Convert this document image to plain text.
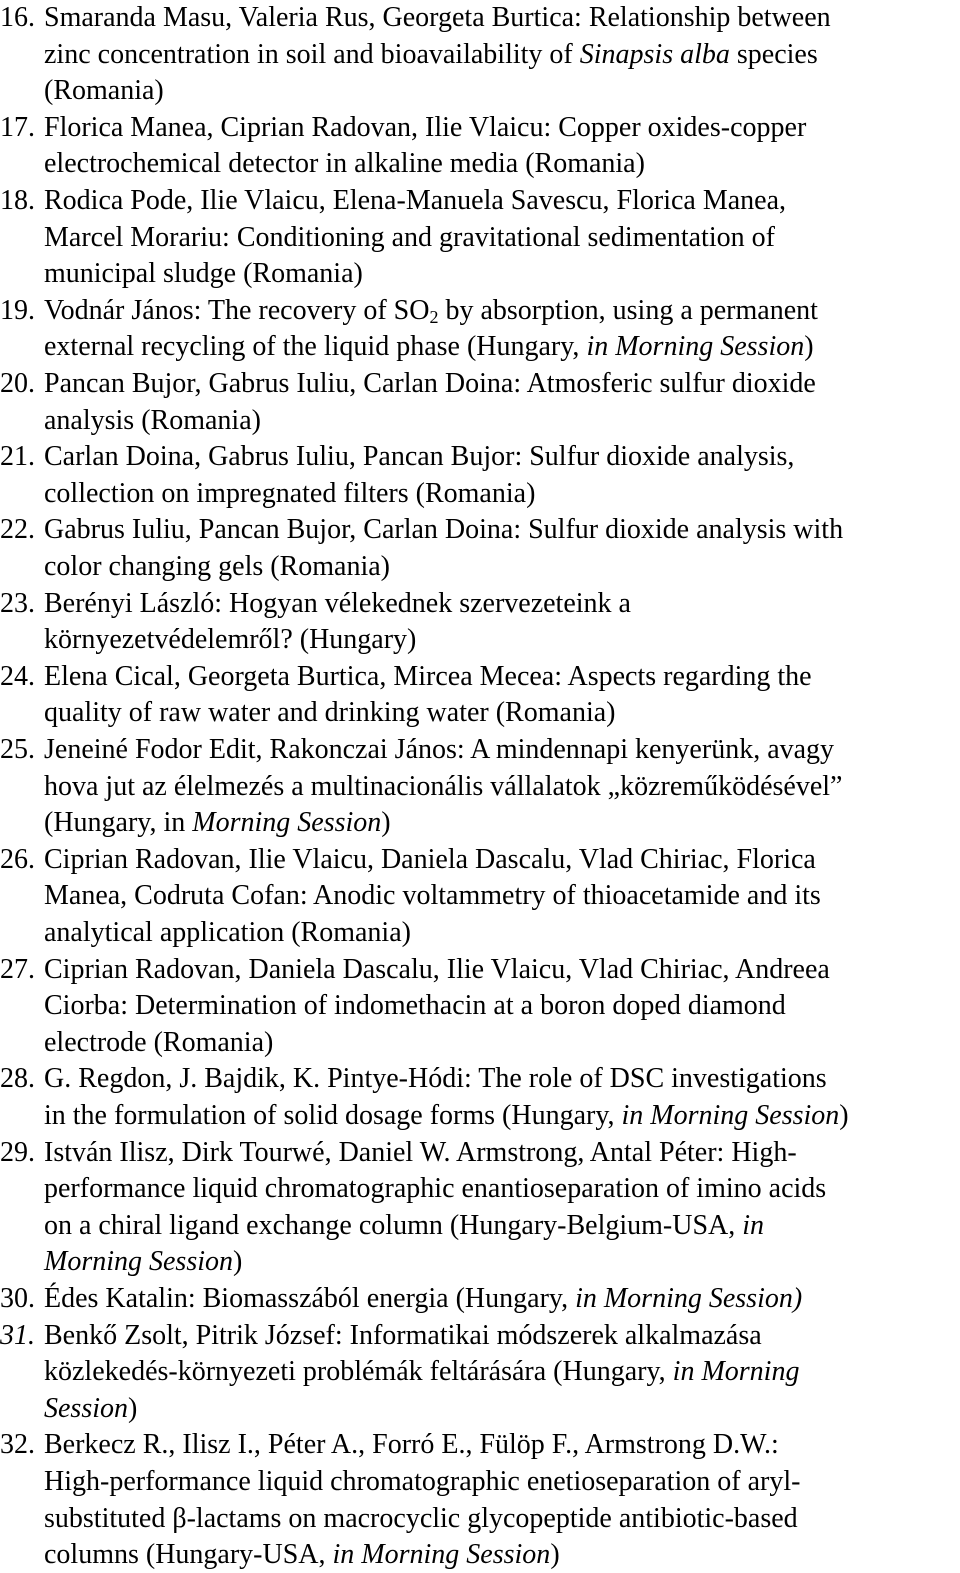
16. Smaranda Masu, Valeria Rus, Georgeta Burtica: Relationship between
zinc concentration in soil and bioavailability of Sinapsis alba species
(Romania)
17. Florica Manea, Ciprian Radovan, Ilie Vlaicu: Copper oxides-copper
electrochemical detector in alkaline media (Romania)
18. Rodica Pode, Ilie Vlaicu, Elena-Manuela Savescu, Florica Manea,
Marcel Morariu: Conditioning and gravitational sedimentation of
municipal sludge (Romania)
19. Vodnár János: The recovery of $SO_2$ by absorption, using a permanent
external recycling of the liquid phase (Hungary, in Morning Session)
20. Pancan Bujor, Gabrus Iuliu, Carlan Doina: Atmosferic sulfur dioxide
analysis (Romania)
21. Carlan Doina, Gabrus Iuliu, Pancan Bujor: Sulfur dioxide analysis,
collection on impregnated filters (Romania)
22. Gabrus Iuliu, Pancan Bujor, Carlan Doina: Sulfur dioxide analysis with
color changing gels (Romania)
23. Berényi László: Hogyan vélekednek szervezeteink a
környezetvédelemről? (Hungary)
24. Elena Cical, Georgeta Burtica, Mircea Mecea: Aspects regarding the
quality of raw water and drinking water (Romania)
25. Jeneiné Fodor Edit, Rakonczai János: A mindennapi kenyerünk, avagy
hova jut az élelmezés a multinacionális vállalatok „közreműködésével”
(Hungary, in Morning Session)
26. Ciprian Radovan, Ilie Vlaicu, Daniela Dascalu, Vlad Chiriac, Florica
Manea, Codruta Cofan: Anodic voltammetry of thioacetamide and its
analytical application (Romania)
27. Ciprian Radovan, Daniela Dascalu, Ilie Vlaicu, Vlad Chiriac, Andreea
Ciorba: Determination of indomethacin at a boron doped diamond
electrode (Romania)
28. G. Regdon, J. Bajdik, K. Pintye-Hódi: The role of DSC investigations
in the formulation of solid dosage forms (Hungary, in Morning Session)
29. István Ilisz, Dirk Tourwé, Daniel W. Armstrong, Antal Péter: High-
performance liquid chromatographic enantioseparation of imino acids
on a chiral ligand exchange column (Hungary-Belgium-USA, in
Morning Session)
30. Édes Katalin: Biomasszából energia (Hungary, in Morning Session)
31. Benkő Zsolt, Pitrik József: Informatikai módszerek alkalmazása
közlekedés-környezeti problémák feltárására (Hungary, in Morning
Session)
32. Berkecz R., Ilisz I., Péter A., Forró E., Fülöp F., Armstrong D.W.:
High-performance liquid chromatographic enetioseparation of aryl-
substituted β-lactams on macrocyclic glycopeptide antibiotic-based
columns (Hungary-USA, in Morning Session)
